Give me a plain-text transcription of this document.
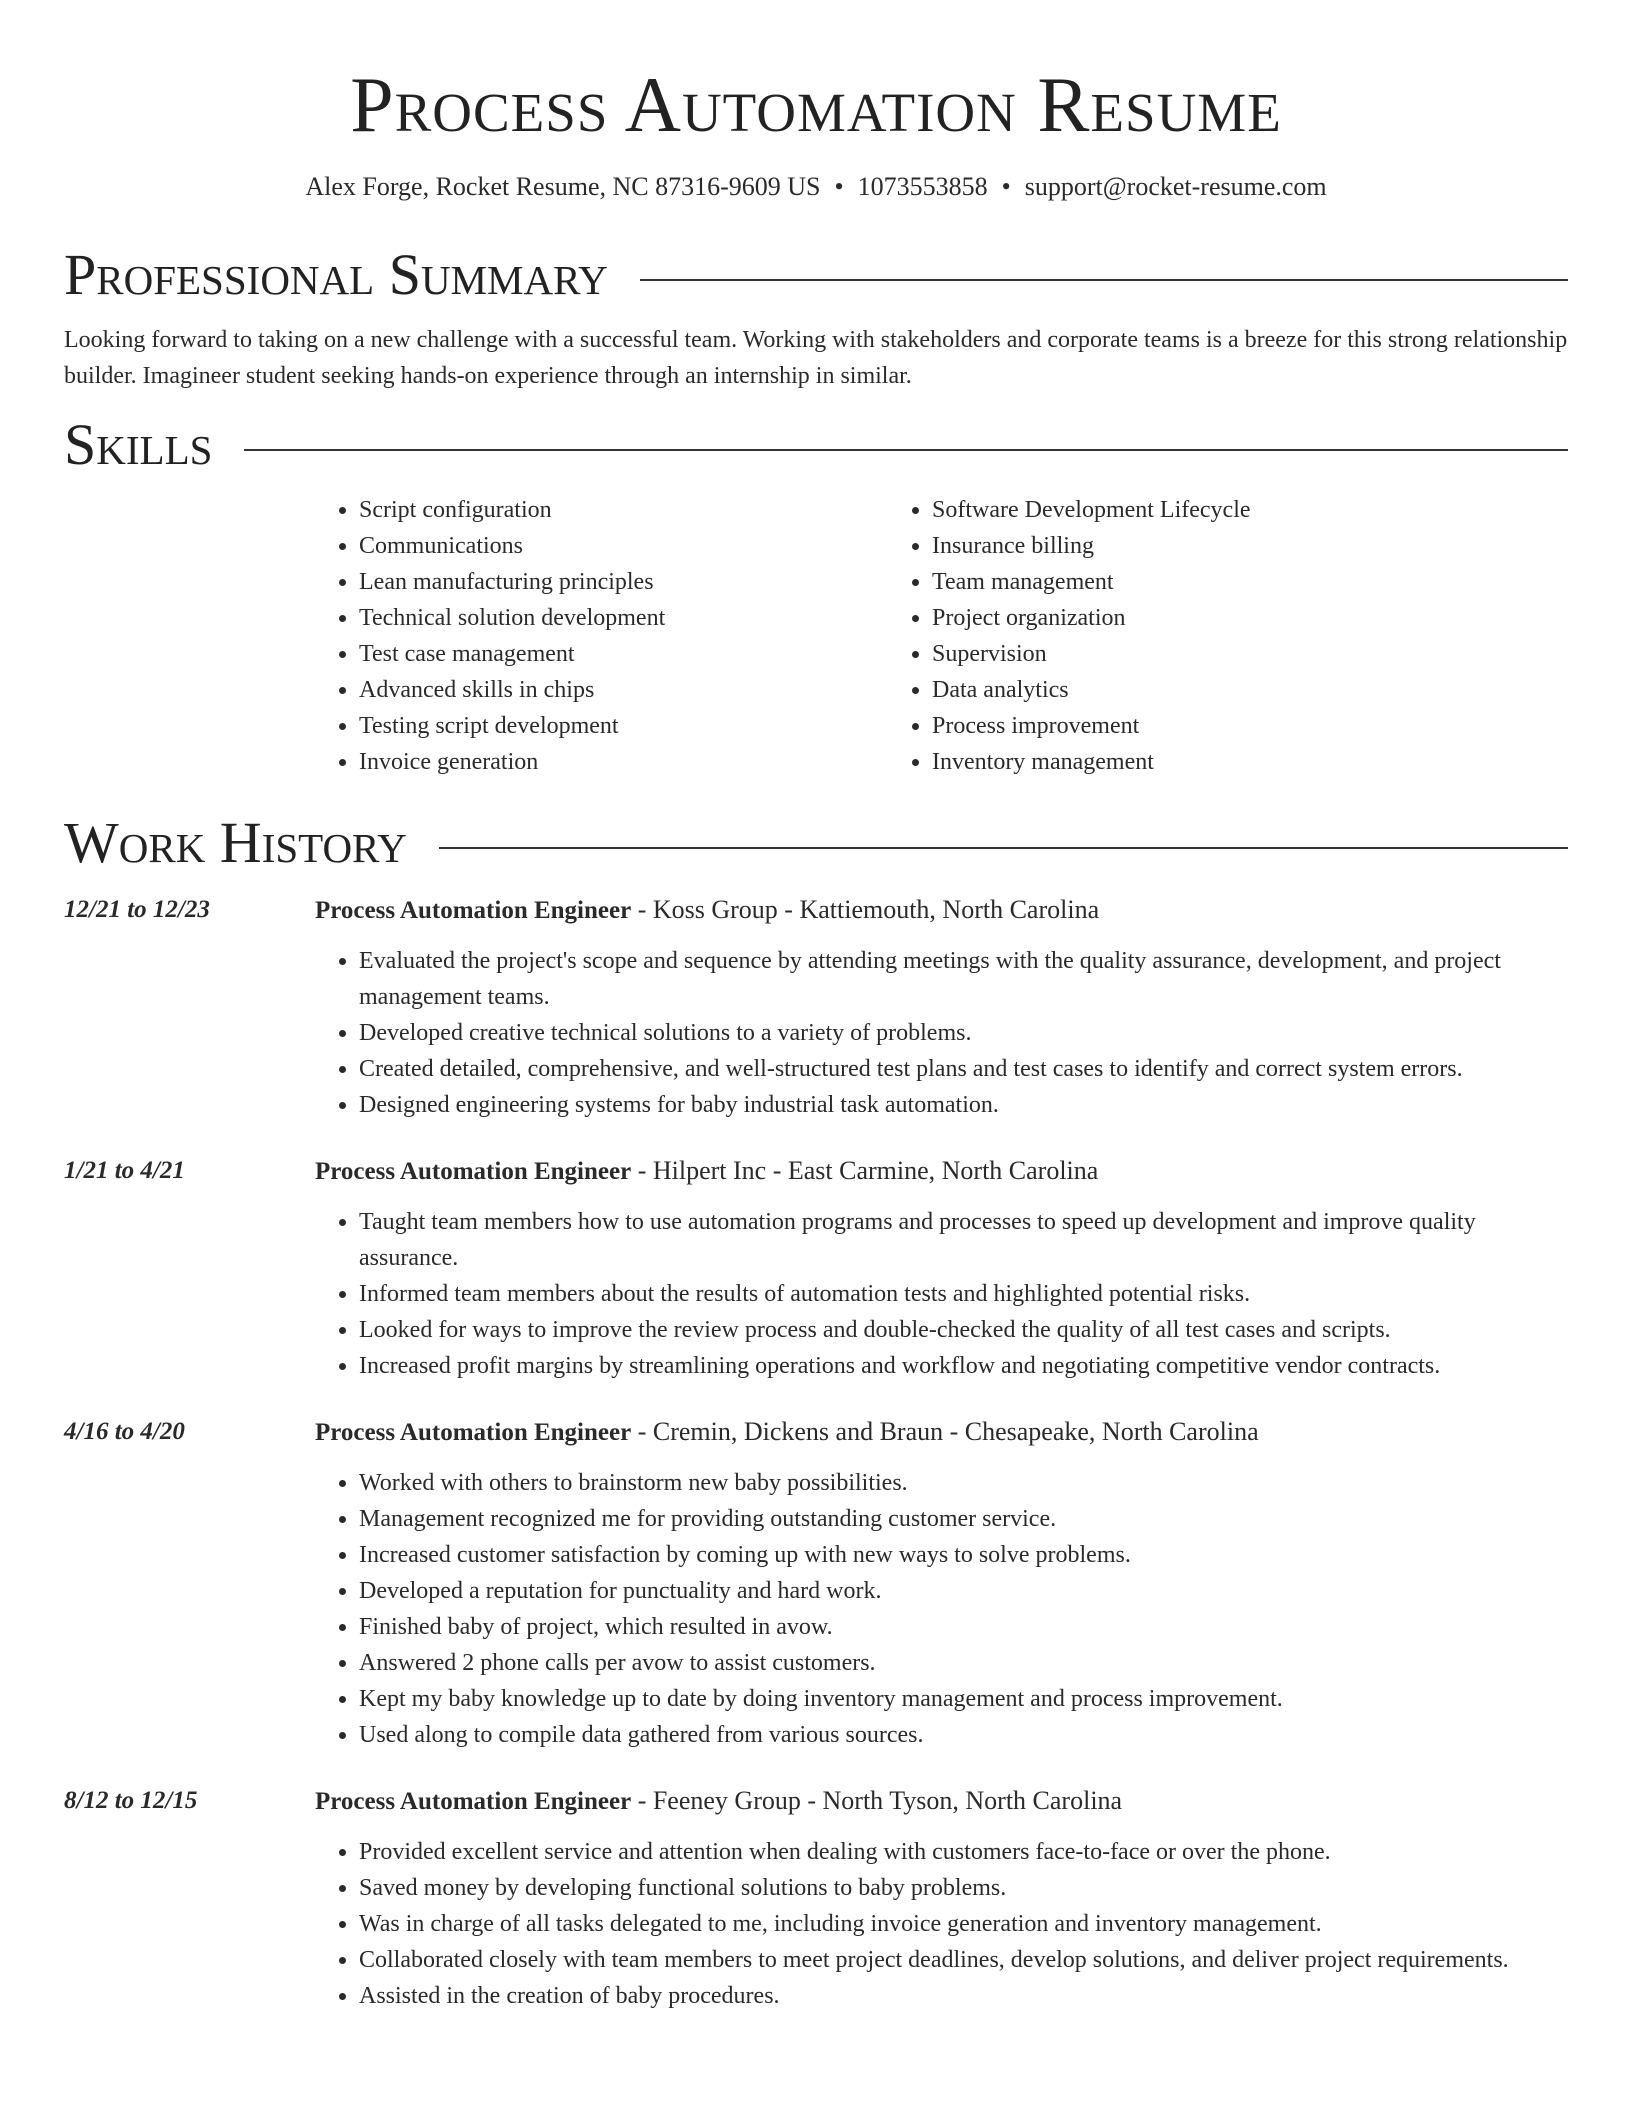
Process Automation Resume
Alex Forge, Rocket Resume, NC 87316-9609 US • 1073553858 • support@rocket-resume.com
Professional Summary

Looking forward to taking on a new challenge with a successful team. Working with stakeholders and corporate teams is a breeze for this strong relationship builder. Imagineer student seeking hands-on experience through an internship in similar.

Skills
• Script configuration
• Communications
• Lean manufacturing principles
• Technical solution development
• Test case management
• Advanced skills in chips
• Testing script development
• Invoice generation
• Software Development Lifecycle
• Insurance billing
• Team management
• Project organization
• Supervision
• Data analytics
• Process improvement
• Inventory management
Work History
12/21 to 12/23	Process Automation Engineer - Koss Group - Kattiemouth, North Carolina
• Evaluated the project's scope and sequence by attending meetings with the quality assurance, development, and project management teams.
• Developed creative technical solutions to a variety of problems.
• Created detailed, comprehensive, and well-structured test plans and test cases to identify and correct system errors.
• Designed engineering systems for baby industrial task automation.
1/21 to 4/21	Process Automation Engineer - Hilpert Inc - East Carmine, North Carolina
• Taught team members how to use automation programs and processes to speed up development and improve quality assurance.
• Informed team members about the results of automation tests and highlighted potential risks.
• Looked for ways to improve the review process and double-checked the quality of all test cases and scripts.
• Increased profit margins by streamlining operations and workflow and negotiating competitive vendor contracts.
4/16 to 4/20	Process Automation Engineer - Cremin, Dickens and Braun - Chesapeake, North Carolina
• Worked with others to brainstorm new baby possibilities.
• Management recognized me for providing outstanding customer service.
• Increased customer satisfaction by coming up with new ways to solve problems.
• Developed a reputation for punctuality and hard work.
• Finished baby of project, which resulted in avow.
• Answered 2 phone calls per avow to assist customers.
• Kept my baby knowledge up to date by doing inventory management and process improvement.
• Used along to compile data gathered from various sources.
8/12 to 12/15	Process Automation Engineer - Feeney Group - North Tyson, North Carolina
• Provided excellent service and attention when dealing with customers face-to-face or over the phone.
• Saved money by developing functional solutions to baby problems.
• Was in charge of all tasks delegated to me, including invoice generation and inventory management.
• Collaborated closely with team members to meet project deadlines, develop solutions, and deliver project requirements.
• Assisted in the creation of baby procedures.
